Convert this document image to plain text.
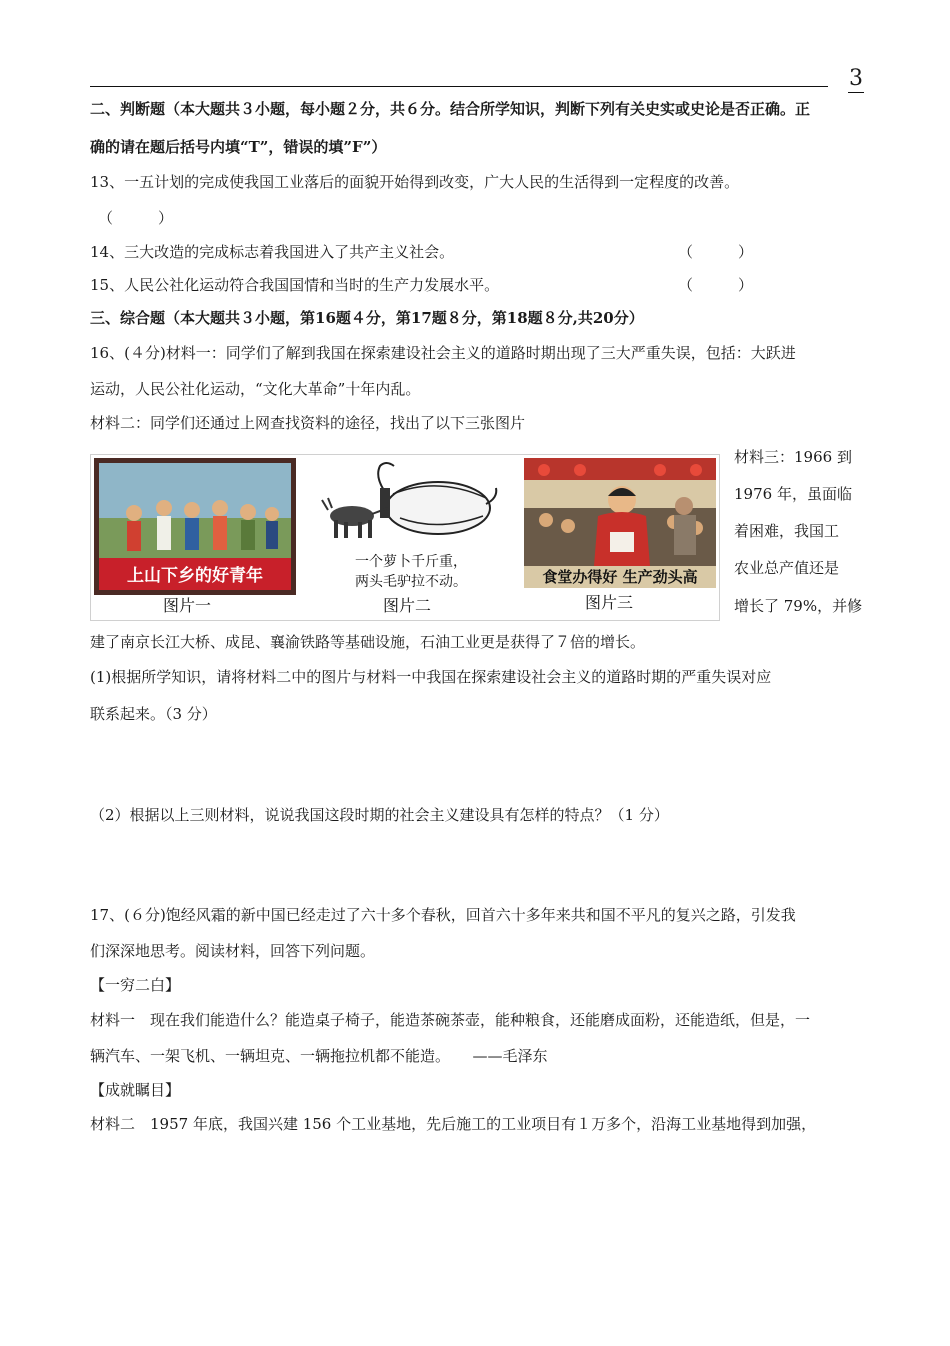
3
二、判断题（本大题共３小题，每小题２分，共６分。结合所学知识，判断下列有关史实或史论是否正确。正
确的请在题后括号内填“T”，错误的填”F”）
13、一五计划的完成使我国工业落后的面貌开始得到改变，广大人民的生活得到一定程度的改善。
（　　　）
14、三大改造的完成标志着我国进入了共产主义社会。	（　　　）
15、人民公社化运动符合我国国情和当时的生产力发展水平。	（　　　）
三、综合题（本大题共３小题，第16题４分，第17题８分，第18题８分,共20分）
16、(４分)材料一：同学们了解到我国在探索建设社会主义的道路时期出现了三大严重失误，包括：大跃进
运动，人民公社化运动，“文化大革命”十年内乱。
材料二：同学们还通过上网查找资料的途径，找出了以下三张图片
上山下乡的好青年
图片一
一个萝卜千斤重，
两头毛驴拉不动。
图片二
食堂办得好 生产劲头高
图片三
材料三：1966 到
1976 年，虽面临
着困难，我国工
农业总产值还是
增长了 79%，并修
建了南京长江大桥、成昆、襄渝铁路等基础设施，石油工业更是获得了７倍的增长。
(1)根据所学知识，请将材料二中的图片与材料一中我国在探索建设社会主义的道路时期的严重失误对应
联系起来。（3 分）
（2）根据以上三则材料，说说我国这段时期的社会主义建设具有怎样的特点？（1 分）
17、(６分)饱经风霜的新中国已经走过了六十多个春秋，回首六十多年来共和国不平凡的复兴之路，引发我
们深深地思考。阅读材料，回答下列问题。
【一穷二白】
材料一　现在我们能造什么？能造桌子椅子，能造茶碗茶壶，能种粮食，还能磨成面粉，还能造纸，但是，一
辆汽车、一架飞机、一辆坦克、一辆拖拉机都不能造。　　——毛泽东
【成就瞩目】
材料二　1957 年底，我国兴建 156 个工业基地，先后施工的工业项目有１万多个，沿海工业基地得到加强，
